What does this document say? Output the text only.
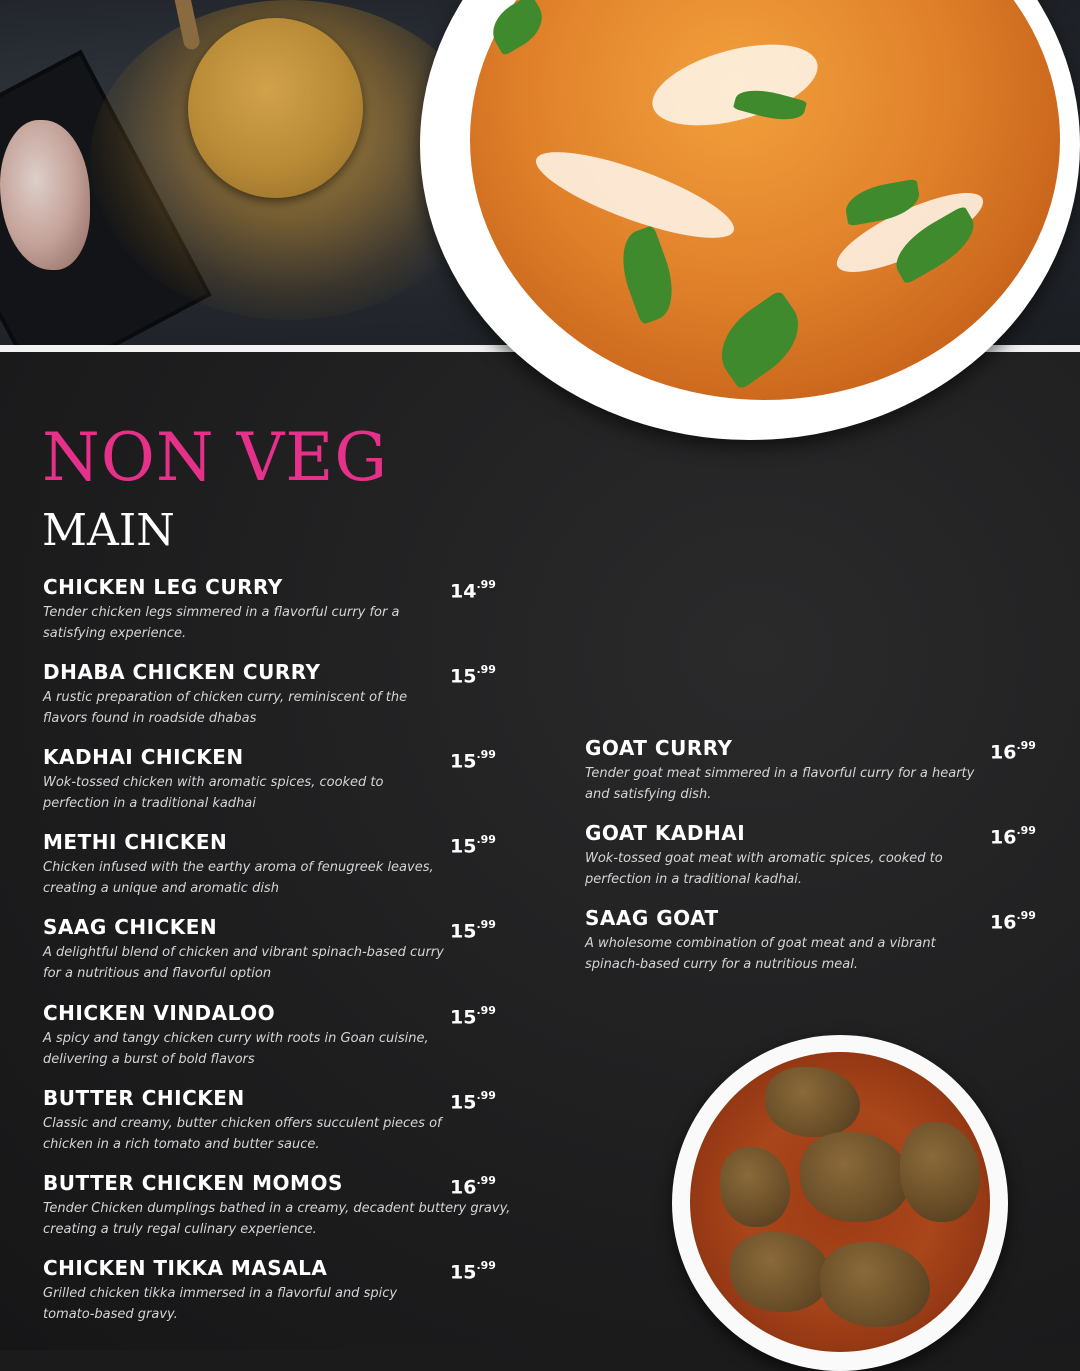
NON VEG
MAIN
CHICKEN LEG CURRY	$14^{.99}$
Tender chicken legs simmered in a flavorful curry for a
satisfying experience.
DHABA CHICKEN CURRY	$15^{.99}$
A rustic preparation of chicken curry, reminiscent of the
flavors found in roadside dhabas
KADHAI CHICKEN	$15^{.99}$
Wok-tossed chicken with aromatic spices, cooked to
perfection in a traditional kadhai
METHI CHICKEN	$15^{.99}$
Chicken infused with the earthy aroma of fenugreek leaves,
creating a unique and aromatic dish
SAAG CHICKEN	$15^{.99}$
A delightful blend of chicken and vibrant spinach-based curry
for a nutritious and flavorful option
CHICKEN VINDALOO	$15^{.99}$
A spicy and tangy chicken curry with roots in Goan cuisine,
delivering a burst of bold flavors
BUTTER CHICKEN	$15^{.99}$
Classic and creamy, butter chicken offers succulent pieces of
chicken in a rich tomato and butter sauce.
BUTTER CHICKEN MOMOS	$16^{.99}$
Tender Chicken dumplings bathed in a creamy, decadent buttery gravy,
creating a truly regal culinary experience.
CHICKEN TIKKA MASALA	$15^{.99}$
Grilled chicken tikka immersed in a flavorful and spicy
tomato-based gravy.
GOAT CURRY	$16^{.99}$
Tender goat meat simmered in a flavorful curry for a hearty
and satisfying dish.
GOAT KADHAI	$16^{.99}$
Wok-tossed goat meat with aromatic spices, cooked to
perfection in a traditional kadhai.
SAAG GOAT	$16^{.99}$
A wholesome combination of goat meat and a vibrant
spinach-based curry for a nutritious meal.
